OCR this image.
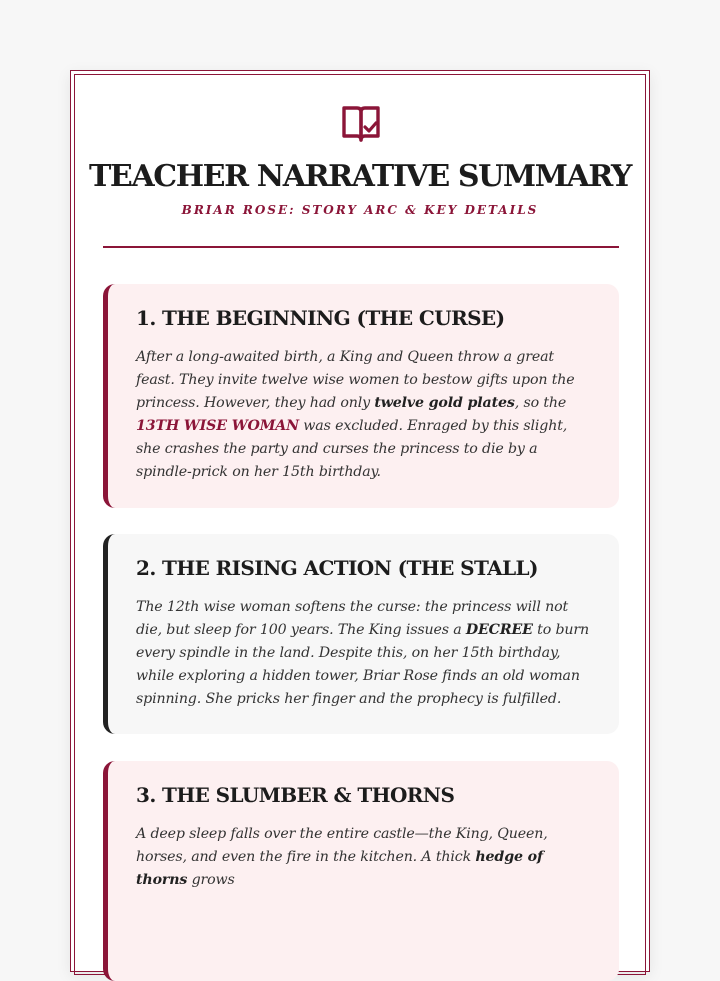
TEACHER NARRATIVE SUMMARY
BRIAR ROSE: STORY ARC & KEY DETAILS
1. THE BEGINNING (THE CURSE)

After a long-awaited birth, a King and Queen throw a great feast. They invite twelve wise women to bestow gifts upon the princess. However, they had only twelve gold plates, so the 13TH WISE WOMAN was excluded. Enraged by this slight, she crashes the party and curses the princess to die by a spindle-prick on her 15th birthday.

2. THE RISING ACTION (THE STALL)

The 12th wise woman softens the curse: the princess will not die, but sleep for 100 years. The King issues a DECREE to burn every spindle in the land. Despite this, on her 15th birthday, while exploring a hidden tower, Briar Rose finds an old woman spinning. She pricks her finger and the prophecy is fulfilled.

3. THE SLUMBER & THORNS

A deep sleep falls over the entire castle—the King, Queen, horses, and even the fire in the kitchen. A thick hedge of thorns grows
